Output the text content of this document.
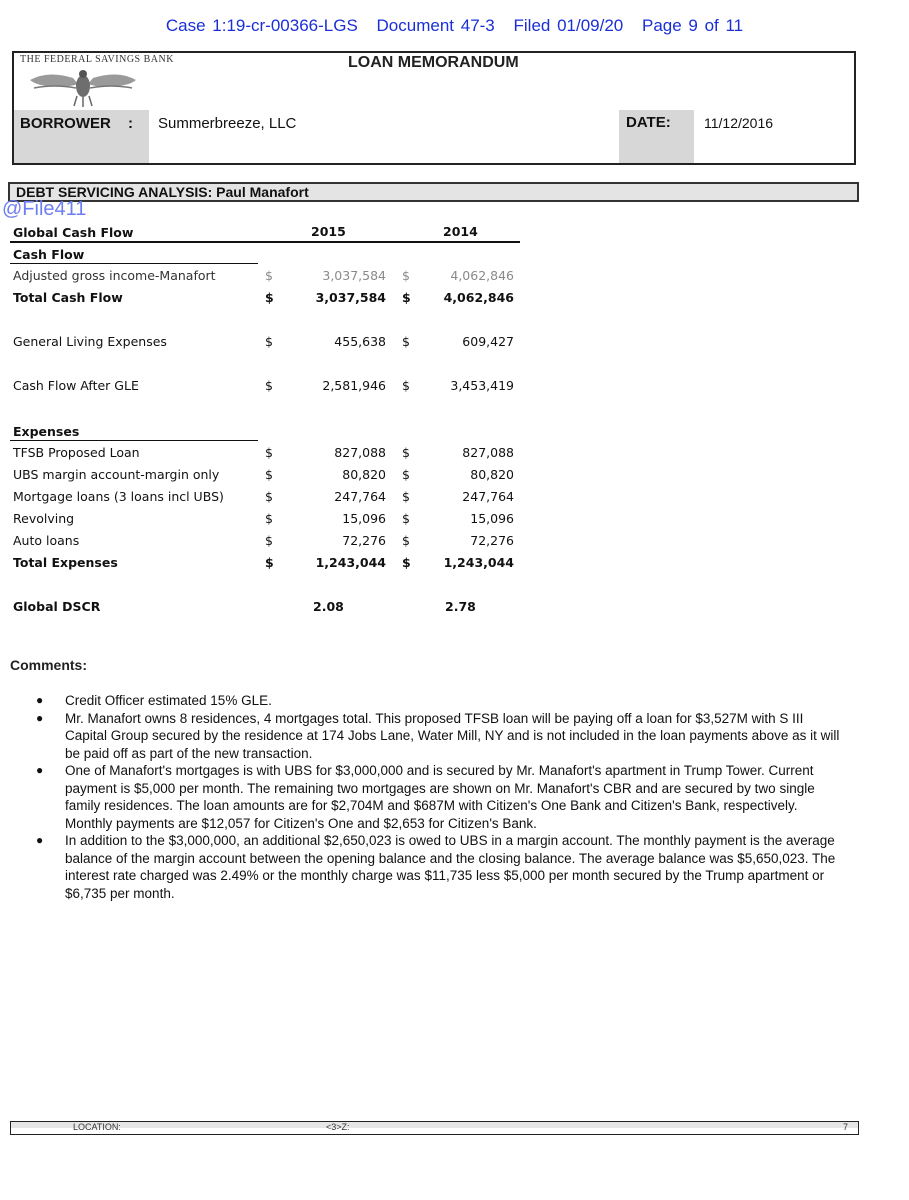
Case 1:19-cr-00366-LGS Document 47-3 Filed 01/09/20 Page 9 of 11
THE FEDERAL SAVINGS BANK	LOAN MEMORANDUM
BORROWER : Summerbreeze, LLC	DATE: 11/12/2016
DEBT SERVICING ANALYSIS: Paul Manafort
@File411
Global Cash Flow	2015	2014
Cash Flow
Adjusted gross income-Manafort	$	3,037,584 $	4,062,846
Total Cash Flow	$	3,037,584 $	4,062,846
General Living Expenses	$	455,638 $	609,427
Cash Flow After GLE	$	2,581,946 $	3,453,419
Expenses
TFSB Proposed Loan	$	827,088 $	827,088
UBS margin account-margin only	$	80,820 $	80,820
Mortgage loans (3 loans incl UBS)	$	247,764 $	247,764
Revolving	$	15,096 $	15,096
Auto loans	$	72,276 $	72,276
Total Expenses	$	1,243,044 $	1,243,044
Global DSCR	2.08	2.78
Comments:
●	Credit Officer estimated 15% GLE.
●	Mr. Manafort owns 8 residences, 4 mortgages total. This proposed TFSB loan will be paying off a loan for $3,527M with S III Capital Group secured by the residence at 174 Jobs Lane, Water Mill, NY and is not included in the loan payments above as it will be paid off as part of the new transaction.
●	One of Manafort's mortgages is with UBS for $3,000,000 and is secured by Mr. Manafort's apartment in Trump Tower. Current payment is $5,000 per month. The remaining two mortgages are shown on Mr. Manafort's CBR and are secured by two single family residences. The loan amounts are for $2,704M and $687M with Citizen's One Bank and Citizen's Bank, respectively. Monthly payments are $12,057 for Citizen's One and $2,653 for Citizen's Bank.
●	In addition to the $3,000,000, an additional $2,650,023 is owed to UBS in a margin account. The monthly payment is the average balance of the margin account between the opening balance and the closing balance. The average balance was $5,650,023. The interest rate charged was 2.49% or the monthly charge was $11,735 less $5,000 per month secured by the Trump apartment or $6,735 per month.
LOCATION:	<3>Z:	7
